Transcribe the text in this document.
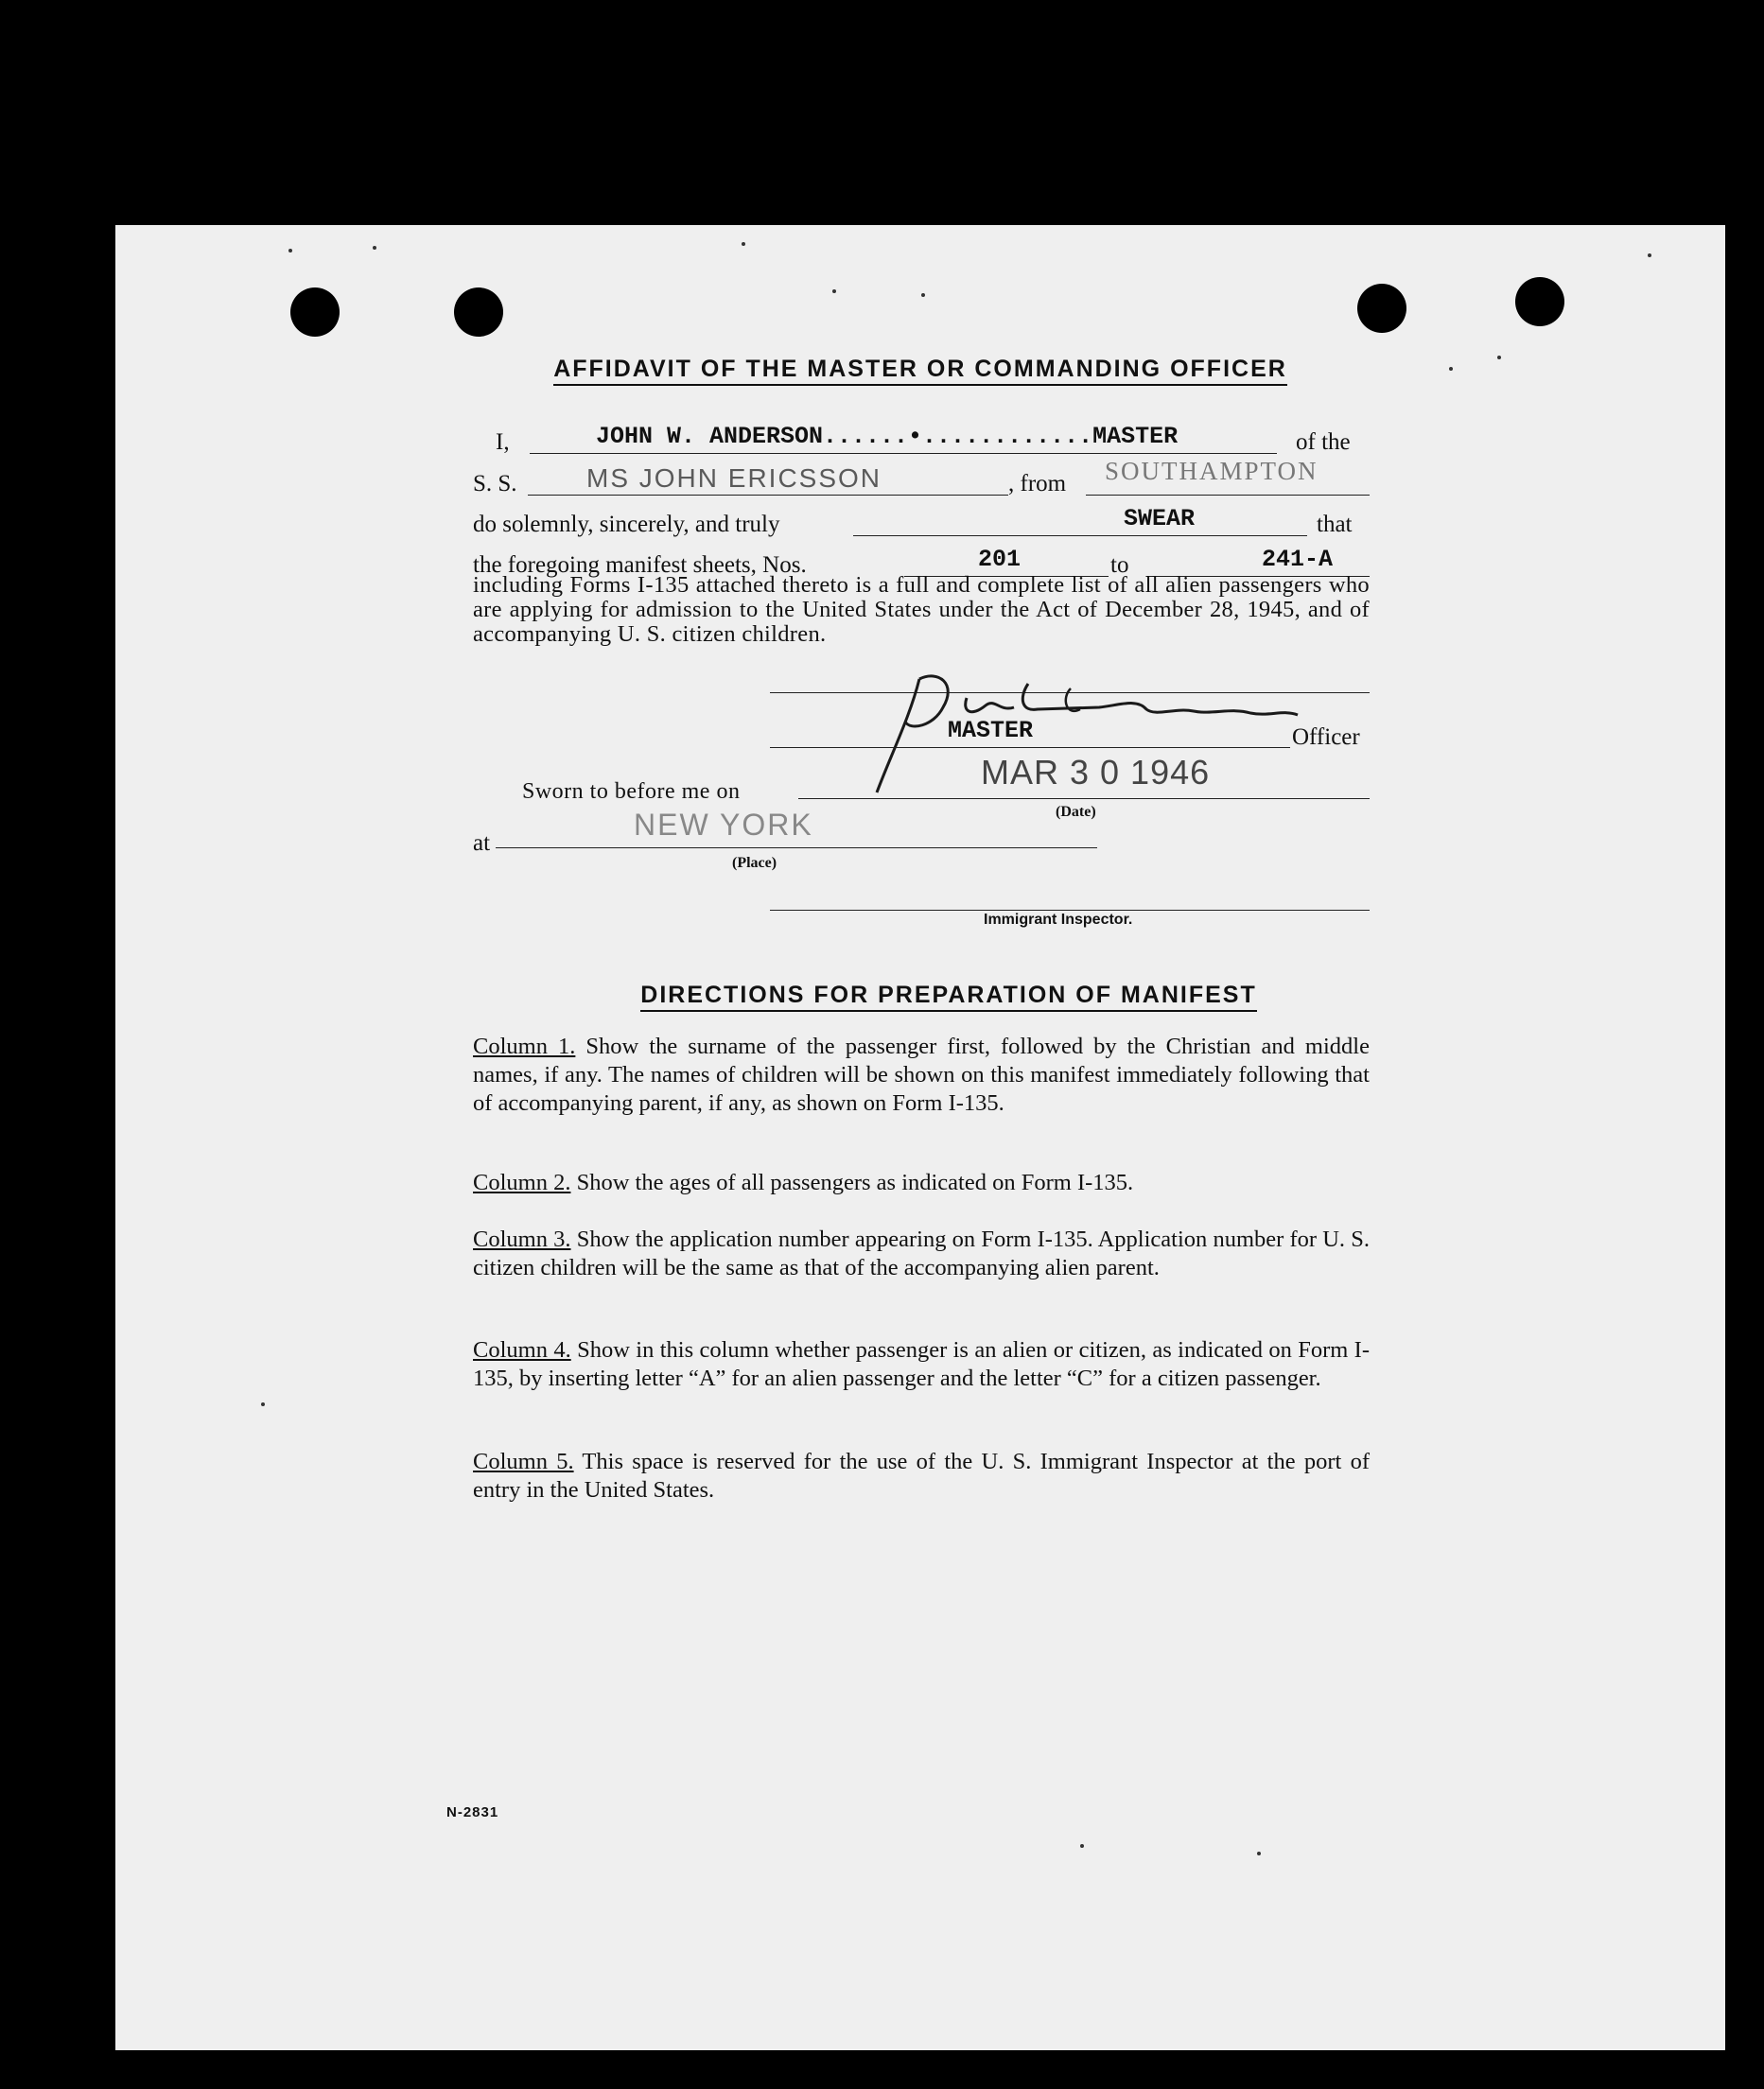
AFFIDAVIT OF THE MASTER OR COMMANDING OFFICER
I,	JOHN W. ANDERSON......•............MASTER	of the
S. S.	MS JOHN ERICSSON	, from SOUTHAMPTON
do solemnly, sincerely, and truly	SWEAR	that
the foregoing manifest sheets, Nos.	201	to	241-A
including Forms I-135 attached thereto is a full and complete list of all alien passengers who are applying for admission to the United States under the Act of December 28, 1945, and of accompanying U. S. citizen children.
MASTER	Officer
Sworn to before me on	MAR 3 0 1946
(Date)
at
NEW YORK
(Place)
Immigrant Inspector.
DIRECTIONS FOR PREPARATION OF MANIFEST
Column 1. Show the surname of the passenger first, followed by the Christian and middle names, if any. The names of children will be shown on this manifest immediately following that of accompanying parent, if any, as shown on Form I-135.
Column 2. Show the ages of all passengers as indicated on Form I-135.
Column 3. Show the application number appearing on Form I-135. Application number for U. S. citizen children will be the same as that of the accompanying alien parent.
Column 4. Show in this column whether passenger is an alien or citizen, as indicated on Form I-135, by inserting letter “A” for an alien passenger and the letter “C” for a citizen passenger.
Column 5. This space is reserved for the use of the U. S. Immigrant Inspector at the port of entry in the United States.
N-2831
